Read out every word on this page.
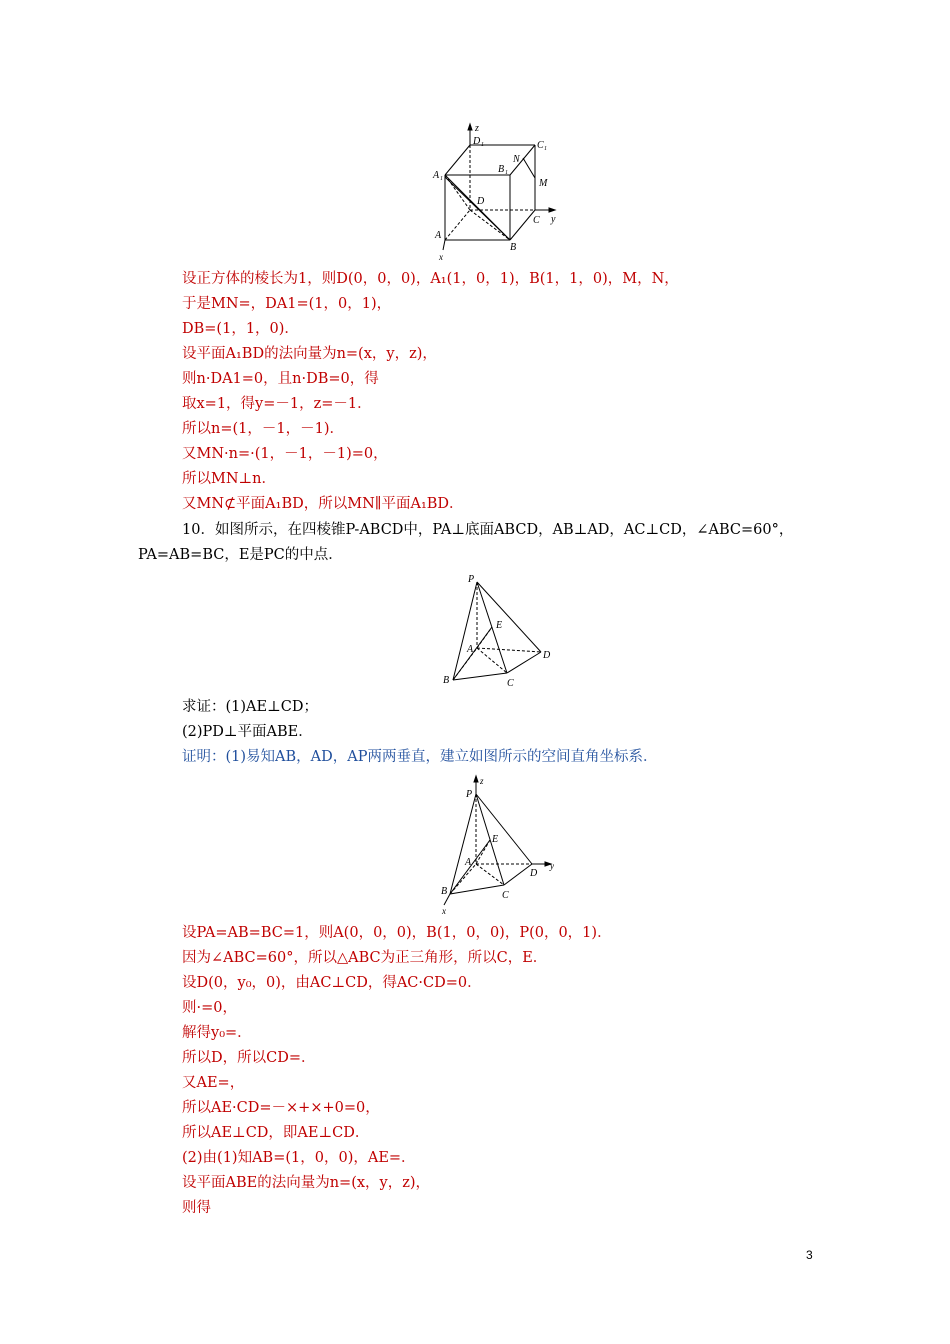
z
D 1	C 1
A 1
B 1
N
M
D
C y
A
B
x
设正方体的棱长为1，则D(0，0，0)，A₁(1，0，1)，B(1，1，0)，M，N，
于是MN=，DA1=(1，0，1)，
DB=(1，1，0)．
设平面A₁BD的法向量为n=(x，y，z)，
则n·DA1=0，且n·DB=0，得
取x=1，得y=－1，z=－1．
所以n=(1，－1，－1)．
又MN·n=·(1，－1，－1)=0，
所以MN⊥n．
又MN⊄平面A₁BD，所以MN∥平面A₁BD．
10．如图所示，在四棱锥P-ABCD中，PA⊥底面ABCD，AB⊥AD，AC⊥CD，∠ABC=60°，PA=AB=BC，E是PC的中点．
P
E
A
D
B	C
求证：(1)AE⊥CD；
(2)PD⊥平面ABE．
证明：(1)易知AB，AD，AP两两垂直，建立如图所示的空间直角坐标系．
z
P
E
A
D
y
B	C
x
设PA=AB=BC=1，则A(0，0，0)，B(1，0，0)，P(0，0，1)．
因为∠ABC=60°，所以△ABC为正三角形，所以C，E．
设D(0，y₀，0)，由AC⊥CD，得AC·CD=0．
则·=0，
解得y₀=．
所以D，所以CD=．
又AE=，
所以AE·CD=－×+×+0=0，
所以AE⊥CD，即AE⊥CD．
(2)由(1)知AB=(1，0，0)，AE=．
设平面ABE的法向量为n=(x，y，z)，
则得
3
